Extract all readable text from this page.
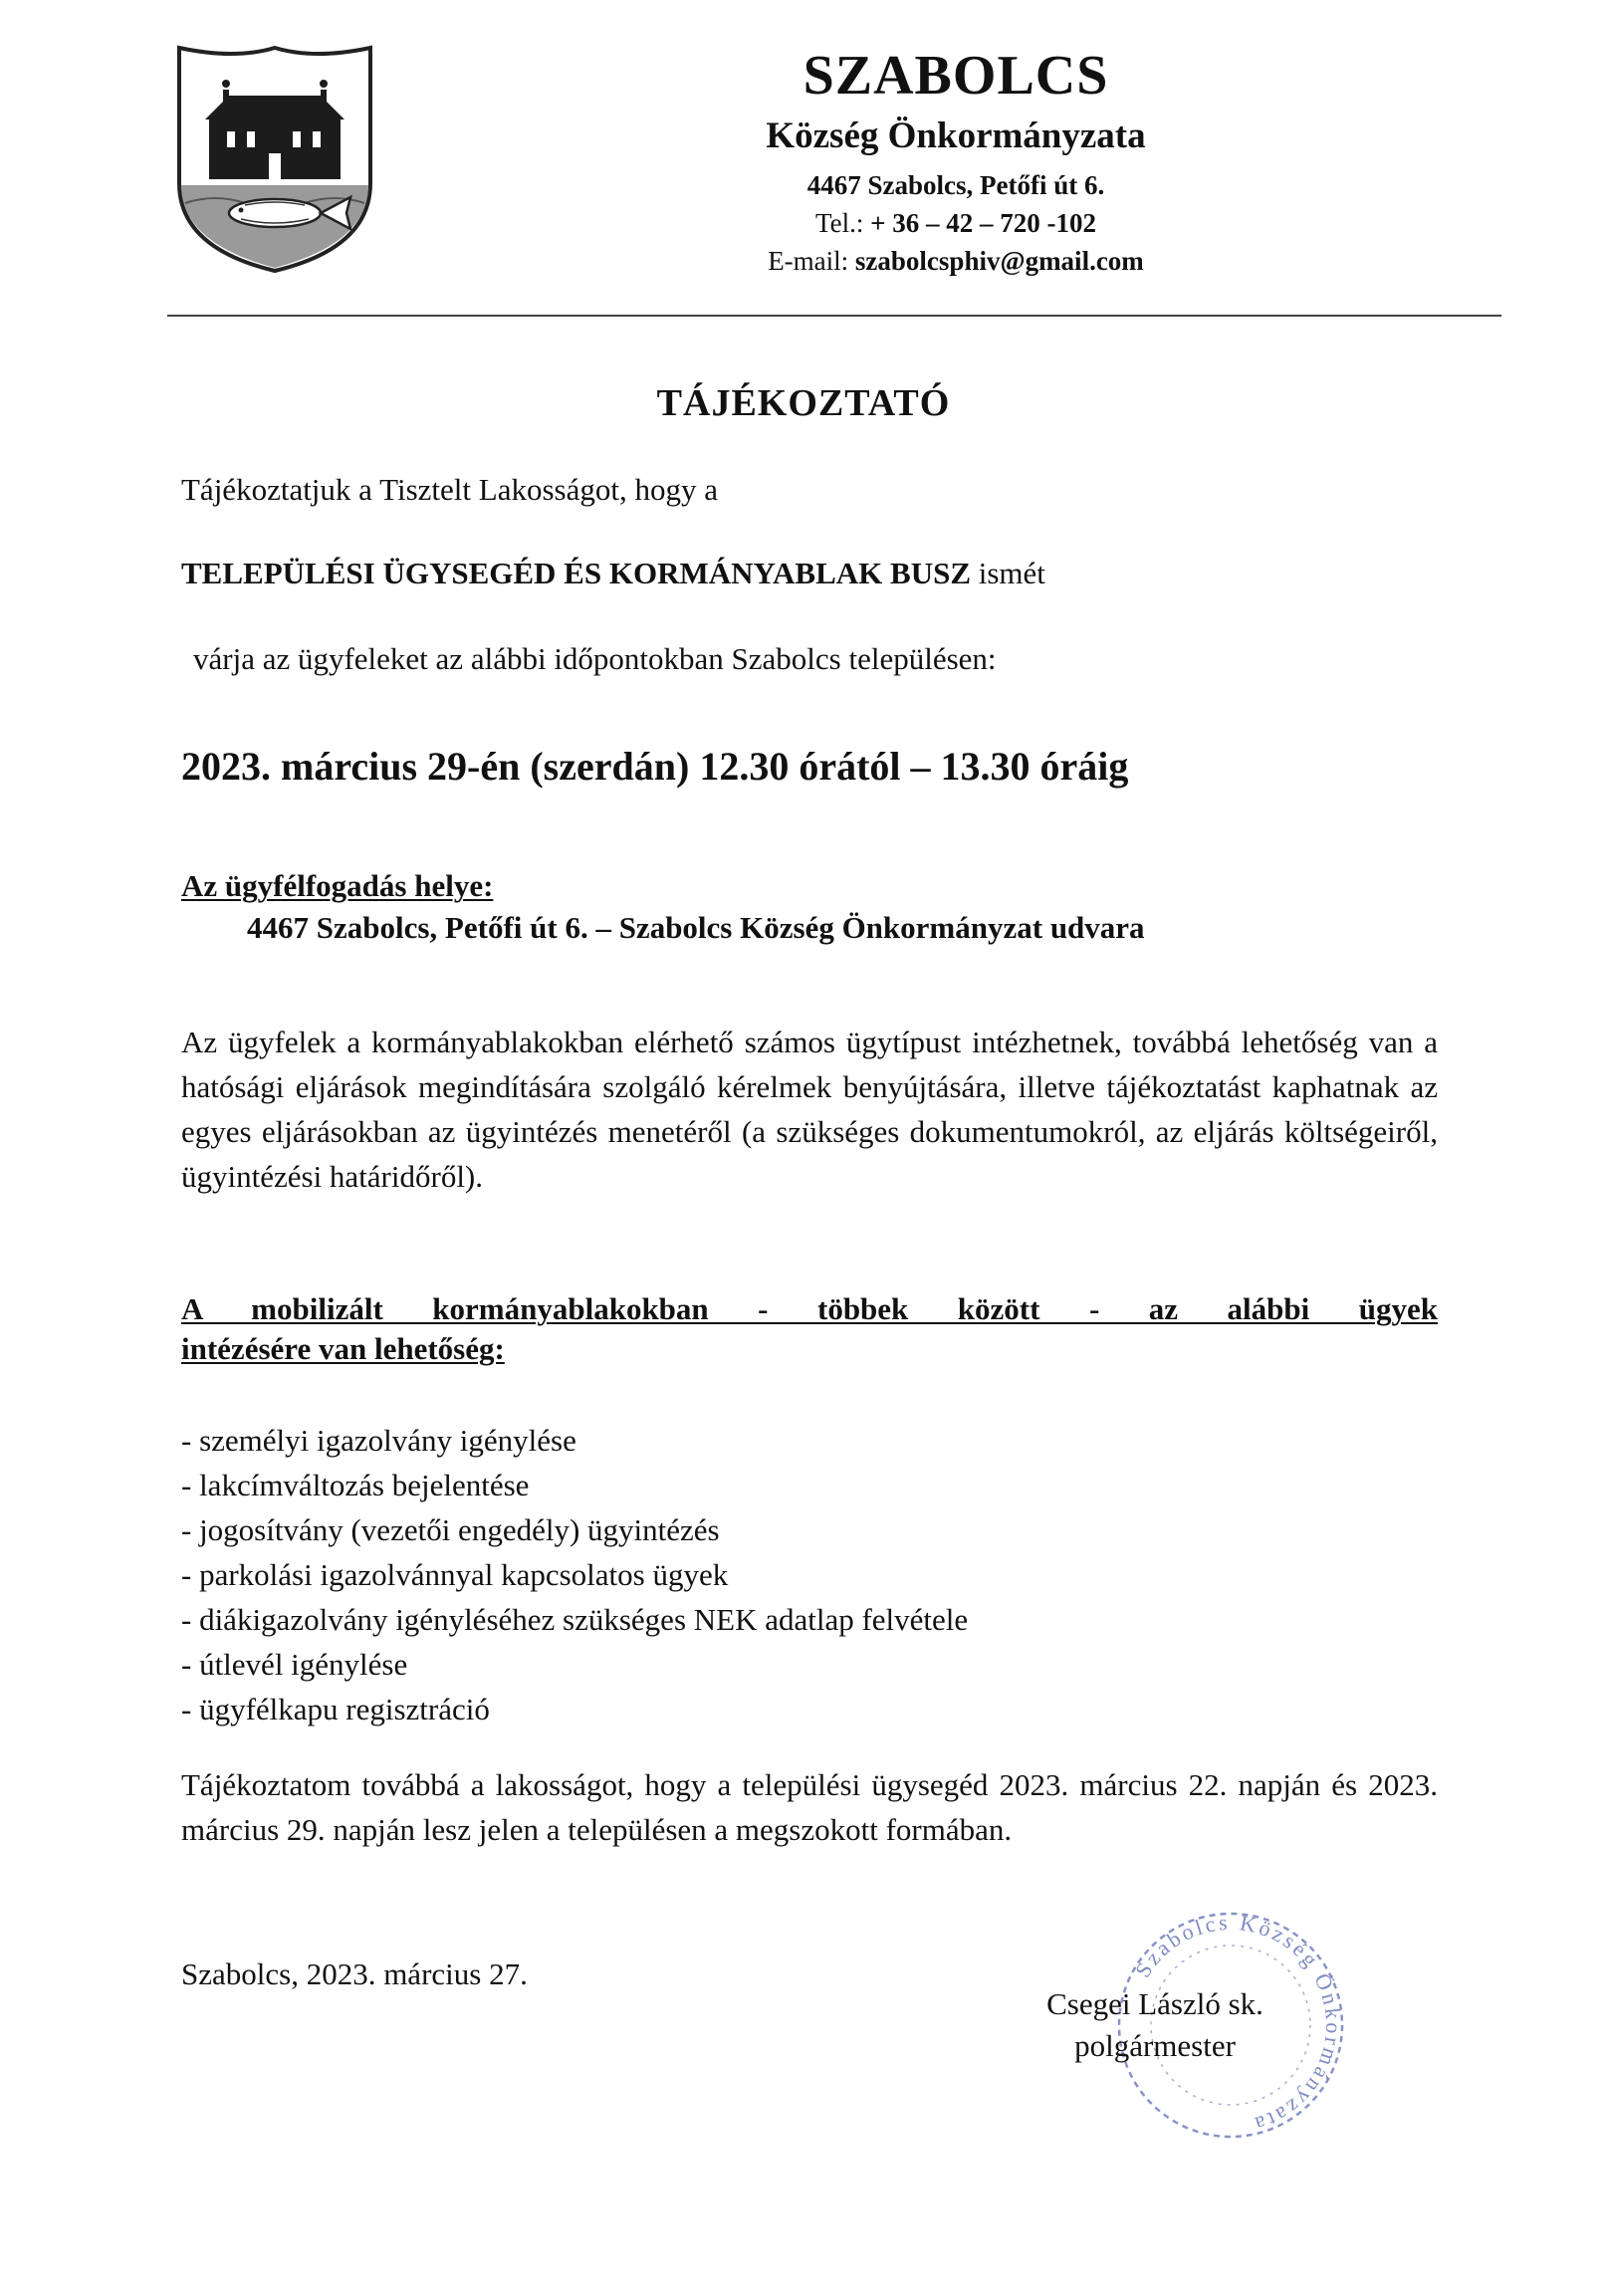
SZABOLCS
Község Önkormányzata
4467 Szabolcs, Petőfi út 6.
Tel.: + 36 – 42 – 720 -102
E-mail: szabolcsphiv@gmail.com
TÁJÉKOZTATÓ
Tájékoztatjuk a Tisztelt Lakosságot, hogy a
TELEPÜLÉSI ÜGYSEGÉD ÉS KORMÁNYABLAK BUSZ ismét
várja az ügyfeleket az alábbi időpontokban Szabolcs településen:
2023. március 29-én (szerdán) 12.30 órától – 13.30 óráig
Az ügyfélfogadás helye:
4467 Szabolcs, Petőfi út 6. – Szabolcs Község Önkormányzat udvara
Az ügyfelek a kormányablakokban elérhető számos ügytípust intézhetnek, továbbá lehetőség van a hatósági eljárások megindítására szolgáló kérelmek benyújtására, illetve tájékoztatást kaphatnak az egyes eljárásokban az ügyintézés menetéről (a szükséges dokumentumokról, az eljárás költségeiről, ügyintézési határidőről).
A mobilizált kormányablakokban - többek között - az alábbi ügyek
intézésére van lehetőség:
- személyi igazolvány igénylése
- lakcímváltozás bejelentése
- jogosítvány (vezetői engedély) ügyintézés
- parkolási igazolvánnyal kapcsolatos ügyek
- diákigazolvány igényléséhez szükséges NEK adatlap felvétele
- útlevél igénylése
- ügyfélkapu regisztráció
Tájékoztatom továbbá a lakosságot, hogy a települési ügysegéd 2023. március 22. napján és 2023. március 29. napján lesz jelen a településen a megszokott formában.
Szabolcs, 2023. március 27.	Szabolcs Község Önkormányzata
Csegei László sk.
polgármester
